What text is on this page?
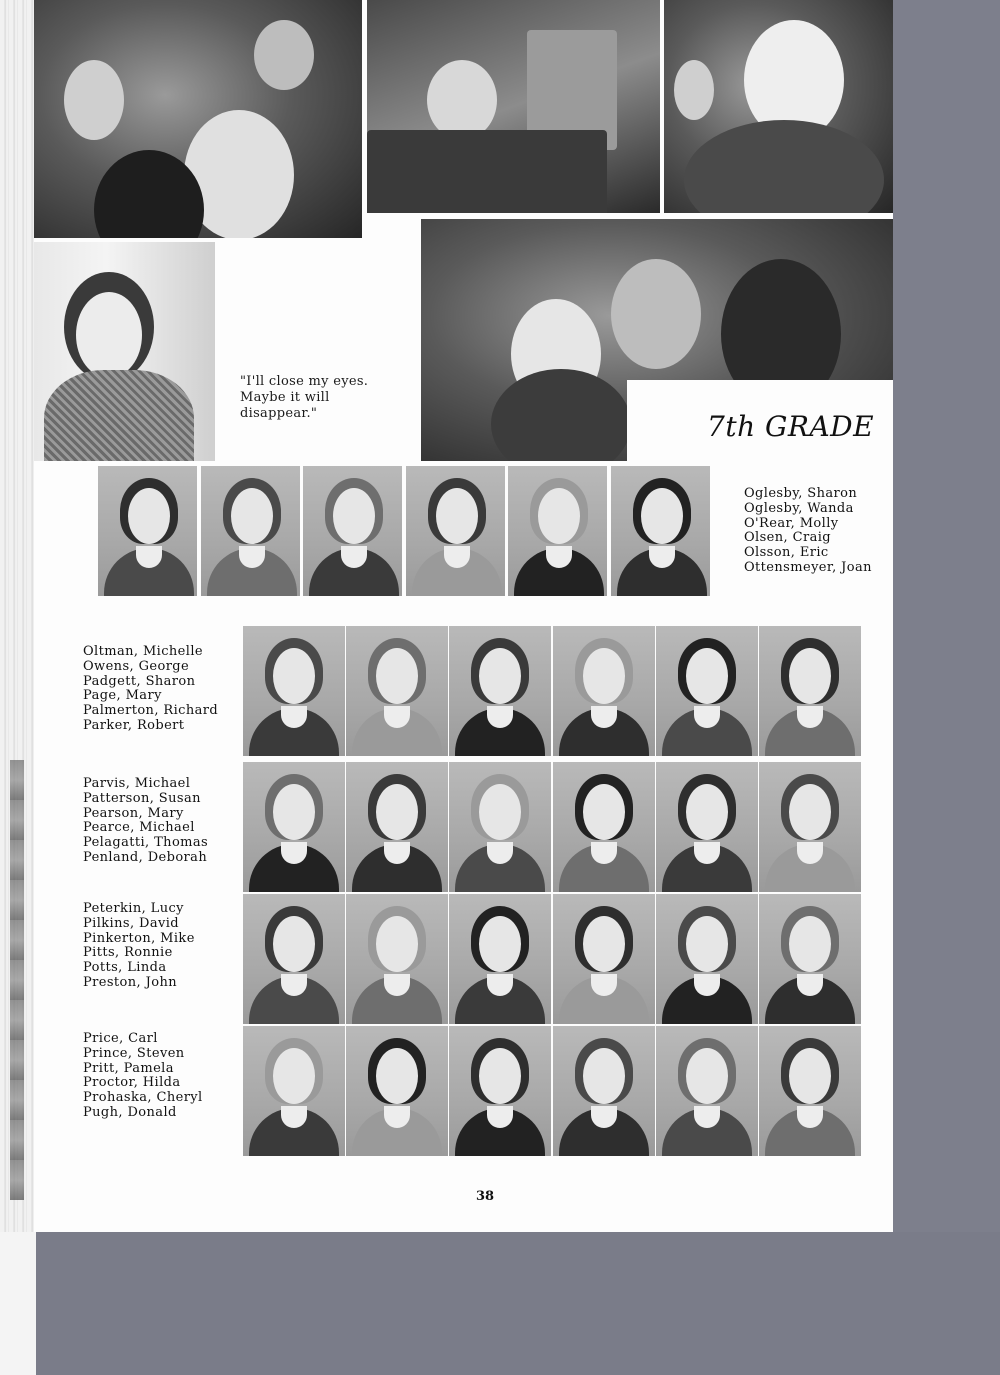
"I'll close my eyes.
Maybe it will
disappear."	7th GRADE
Oglesby, Sharon
Oglesby, Wanda
O'Rear, Molly
Olsen, Craig
Olsson, Eric
Ottensmeyer, Joan
Oltman, Michelle
Owens, George
Padgett, Sharon
Page, Mary
Palmerton, Richard
Parker, Robert
Parvis, Michael
Patterson, Susan
Pearson, Mary
Pearce, Michael
Pelagatti, Thomas
Penland, Deborah
Peterkin, Lucy
Pilkins, David
Pinkerton, Mike
Pitts, Ronnie
Potts, Linda
Preston, John
Price, Carl
Prince, Steven
Pritt, Pamela
Proctor, Hilda
Prohaska, Cheryl
Pugh, Donald
38
